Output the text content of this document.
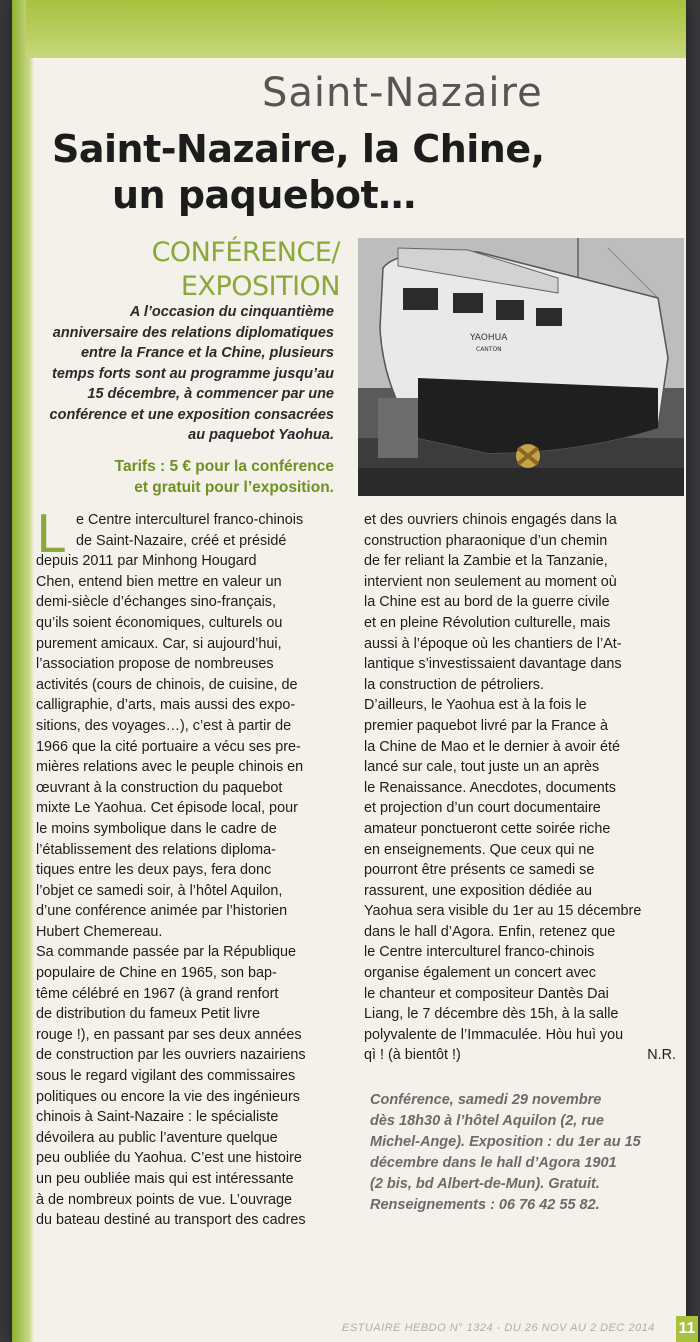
Saint-Nazaire
Saint-Nazaire, la Chine,
un paquebot…
CONFÉRENCE/
EXPOSITION
A l’occasion du cinquantième
anniversaire des relations diplomatiques
entre la France et la Chine, plusieurs
temps forts sont au programme jusqu’au
15 décembre, à commencer par une
conférence et une exposition consacrées
au paquebot Yaohua.
Tarifs : 5 € pour la conférence
et gratuit pour l’exposition.
YAOHUA
CANTON
L e Centre interculturel franco-chinois
de Saint-Nazaire, créé et présidé
depuis 2011 par Minhong Hougard
Chen, entend bien mettre en valeur un
demi-siècle d’échanges sino-français,
qu’ils soient économiques, culturels ou
purement amicaux. Car, si aujourd’hui,
l’association propose de nombreuses
activités (cours de chinois, de cuisine, de
calligraphie, d’arts, mais aussi des expo-
sitions, des voyages…), c’est à partir de
1966 que la cité portuaire a vécu ses pre-
mières relations avec le peuple chinois en
œuvrant à la construction du paquebot
mixte Le Yaohua. Cet épisode local, pour
le moins symbolique dans le cadre de
l’établissement des relations diploma-
tiques entre les deux pays, fera donc
l’objet ce samedi soir, à l’hôtel Aquilon,
d’une conférence animée par l’historien
Hubert Chemereau.
Sa commande passée par la République
populaire de Chine en 1965, son bap-
tême célébré en 1967 (à grand renfort
de distribution du fameux Petit livre
rouge !), en passant par ses deux années
de construction par les ouvriers nazairiens
sous le regard vigilant des commissaires
politiques ou encore la vie des ingénieurs
chinois à Saint-Nazaire : le spécialiste
dévoilera au public l’aventure quelque
peu oubliée du Yaohua. C’est une histoire
un peu oubliée mais qui est intéressante
à de nombreux points de vue. L’ouvrage
du bateau destiné au transport des cadres
et des ouvriers chinois engagés dans la
construction pharaonique d’un chemin
de fer reliant la Zambie et la Tanzanie,
intervient non seulement au moment où
la Chine est au bord de la guerre civile
et en pleine Révolution culturelle, mais
aussi à l’époque où les chantiers de l’At-
lantique s’investissaient davantage dans
la construction de pétroliers.
D’ailleurs, le Yaohua est à la fois le
premier paquebot livré par la France à
la Chine de Mao et le dernier à avoir été
lancé sur cale, tout juste un an après
le Renaissance. Anecdotes, documents
et projection d’un court documentaire
amateur ponctueront cette soirée riche
en enseignements. Que ceux qui ne
pourront être présents ce samedi se
rassurent, une exposition dédiée au
Yaohua sera visible du 1er au 15 décembre
dans le hall d’Agora. Enfin, retenez que
le Centre interculturel franco-chinois
organise également un concert avec
le chanteur et compositeur Dantès Dai
Liang, le 7 décembre dès 15h, à la salle
polyvalente de l’Immaculée. Hòu huì you
qì ! (à bientôt !)	N.R.
Conférence, samedi 29 novembre
dès 18h30 à l’hôtel Aquilon (2, rue
Michel-Ange). Exposition : du 1er au 15
décembre dans le hall d’Agora 1901
(2 bis, bd Albert-de-Mun). Gratuit.
Renseignements : 06 76 42 55 82.
ESTUAIRE HEBDO N° 1324 - DU 26 NOV AU 2 DEC 2014 11
